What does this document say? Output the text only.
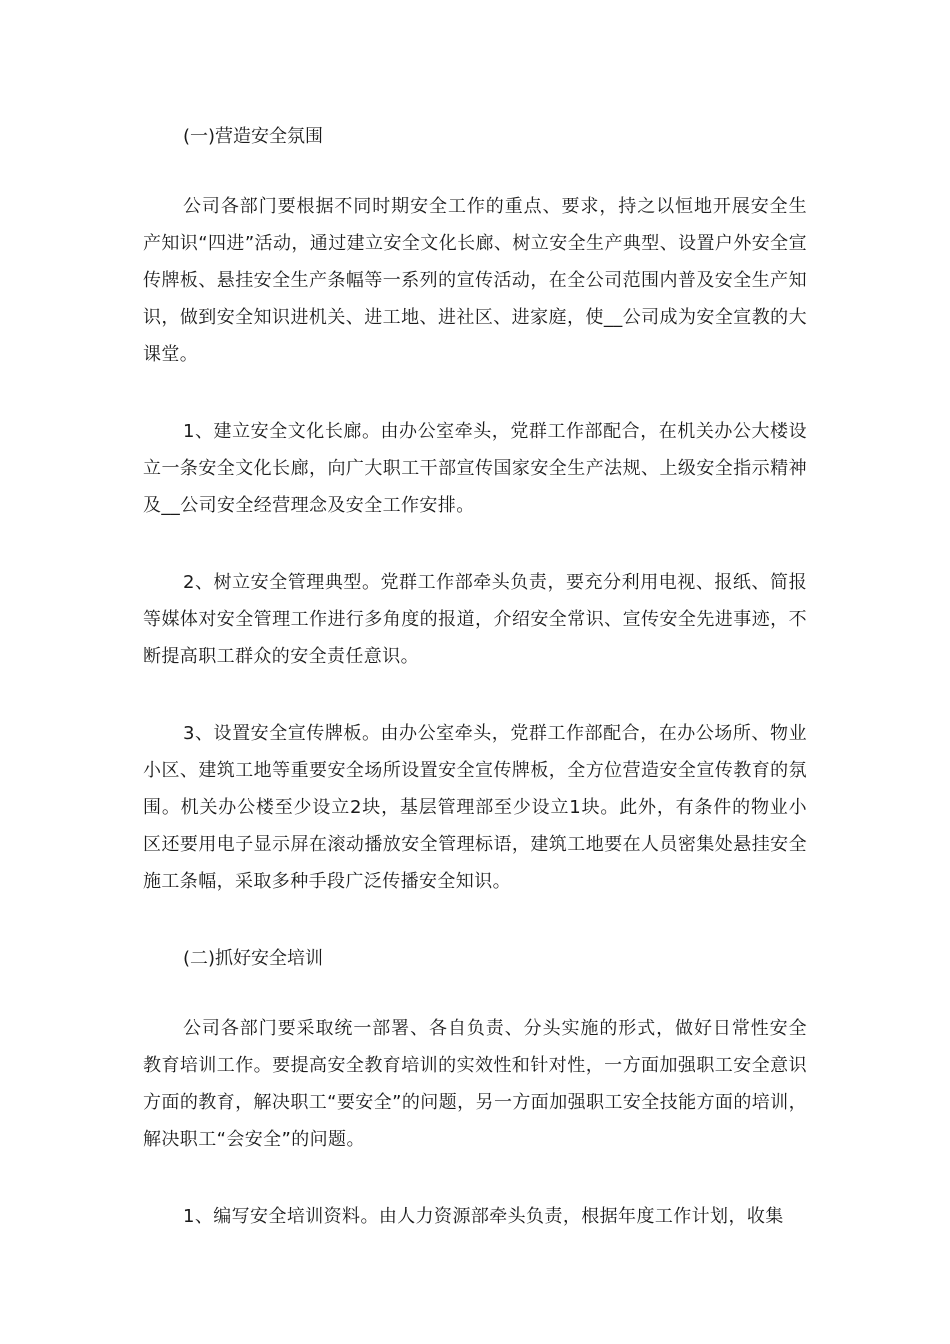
(一)营造安全氛围

公司各部门要根据不同时期安全工作的重点、要求，持之以恒地开展安全生产知识“四进”活动，通过建立安全文化长廊、树立安全生产典型、设置户外安全宣传牌板、悬挂安全生产条幅等一系列的宣传活动，在全公司范围内普及安全生产知识，做到安全知识进机关、进工地、进社区、进家庭，使__公司成为安全宣教的大课堂。

1、建立安全文化长廊。由办公室牵头，党群工作部配合，在机关办公大楼设立一条安全文化长廊，向广大职工干部宣传国家安全生产法规、上级安全指示精神及__公司安全经营理念及安全工作安排。

2、树立安全管理典型。党群工作部牵头负责，要充分利用电视、报纸、简报等媒体对安全管理工作进行多角度的报道，介绍安全常识、宣传安全先进事迹，不断提高职工群众的安全责任意识。

3、设置安全宣传牌板。由办公室牵头，党群工作部配合，在办公场所、物业小区、建筑工地等重要安全场所设置安全宣传牌板，全方位营造安全宣传教育的氛围。机关办公楼至少设立2块，基层管理部至少设立1块。此外，有条件的物业小区还要用电子显示屏在滚动播放安全管理标语，建筑工地要在人员密集处悬挂安全施工条幅，采取多种手段广泛传播安全知识。

(二)抓好安全培训

公司各部门要采取统一部署、各自负责、分头实施的形式，做好日常性安全教育培训工作。要提高安全教育培训的实效性和针对性，一方面加强职工安全意识方面的教育，解决职工“要安全”的问题，另一方面加强职工安全技能方面的培训，解决职工“会安全”的问题。

1、编写安全培训资料。由人力资源部牵头负责，根据年度工作计划，收集
